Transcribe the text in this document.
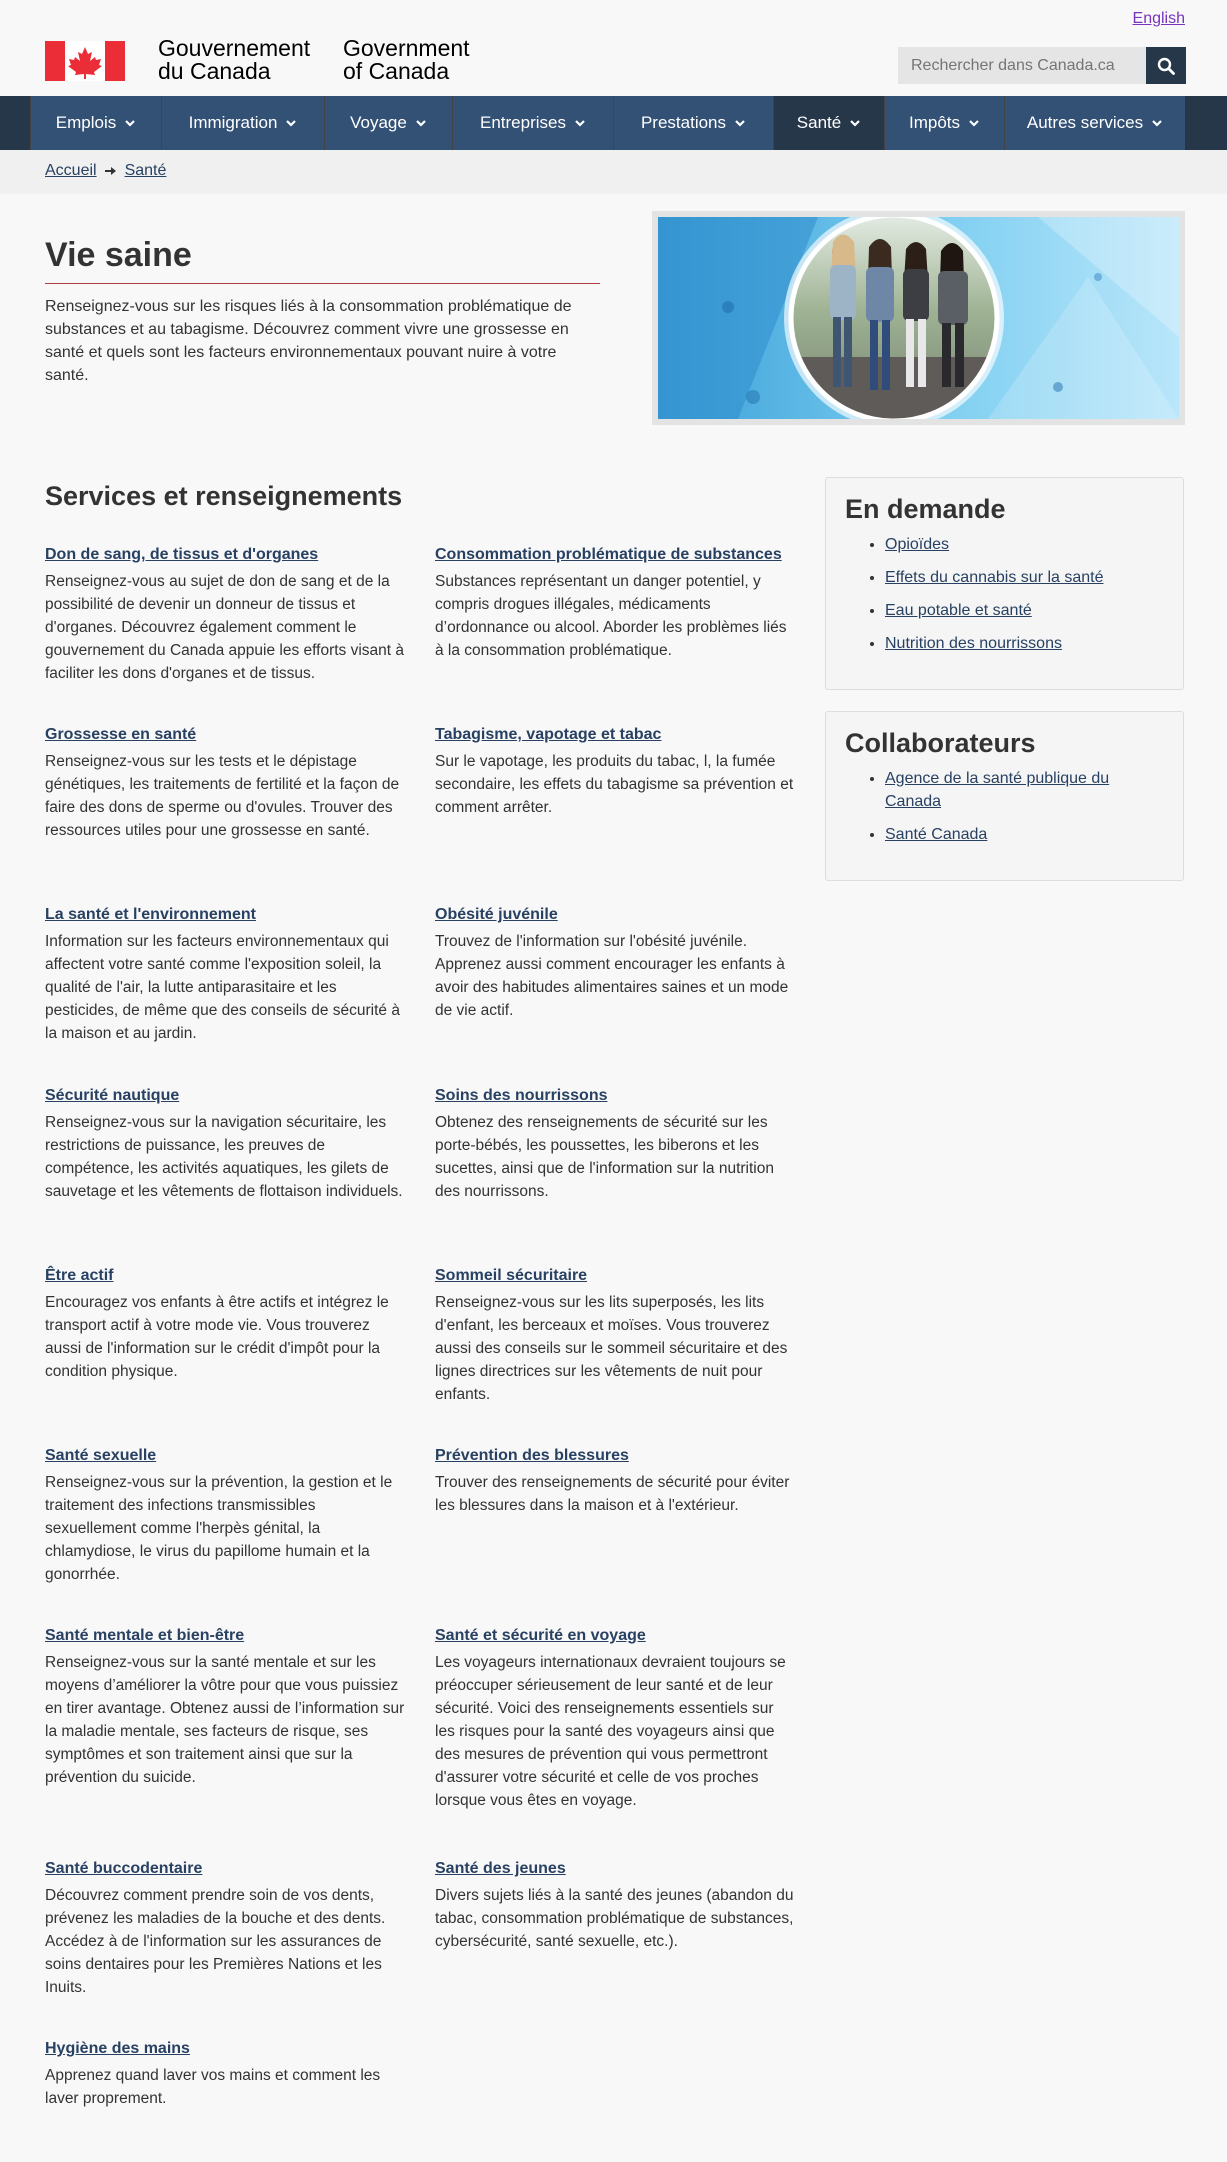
English
Gouvernement
du Canada
Government
of Canada
Rechercher dans Canada.ca
Emplois	Immigration	Voyage	Entreprises	Prestations	Santé	Impôts	Autres services
Accueil Santé
Vie saine

Renseignez-vous sur les risques liés à la consommation problématique de substances et au tabagisme. Découvrez comment vivre une grossesse en santé et quels sont les facteurs environnementaux pouvant nuire à votre santé.

Services et renseignements
Don de sang, de tissus et d'organes

Renseignez-vous au sujet de don de sang et de la possibilité de devenir un donneur de tissus et d'organes. Découvrez également comment le gouvernement du Canada appuie les efforts visant à faciliter les dons d'organes et de tissus.

Consommation problématique de substances

Substances représentant un danger potentiel, y compris drogues illégales, médicaments d’ordonnance ou alcool. Aborder les problèmes liés à la consommation problématique.

Grossesse en santé

Renseignez-vous sur les tests et le dépistage génétiques, les traitements de fertilité et la façon de faire des dons de sperme ou d'ovules. Trouver des ressources utiles pour une grossesse en santé.

Tabagisme, vapotage et tabac

Sur le vapotage, les produits du tabac, l, la fumée secondaire, les effets du tabagisme sa prévention et comment arrêter.

La santé et l'environnement

Information sur les facteurs environnementaux qui affectent votre santé comme l'exposition soleil, la qualité de l'air, la lutte antiparasitaire et les pesticides, de même que des conseils de sécurité à la maison et au jardin.

Obésité juvénile

Trouvez de l'information sur l'obésité juvénile. Apprenez aussi comment encourager les enfants à avoir des habitudes alimentaires saines et un mode de vie actif.

Sécurité nautique

Renseignez-vous sur la navigation sécuritaire, les restrictions de puissance, les preuves de compétence, les activités aquatiques, les gilets de sauvetage et les vêtements de flottaison individuels.

Soins des nourrissons

Obtenez des renseignements de sécurité sur les porte-bébés, les poussettes, les biberons et les sucettes, ainsi que de l'information sur la nutrition des nourrissons.

Être actif

Encouragez vos enfants à être actifs et intégrez le transport actif à votre mode vie. Vous trouverez aussi de l'information sur le crédit d'impôt pour la condition physique.

Sommeil sécuritaire

Renseignez-vous sur les lits superposés, les lits d'enfant, les berceaux et moïses. Vous trouverez aussi des conseils sur le sommeil sécuritaire et des lignes directrices sur les vêtements de nuit pour enfants.

Santé sexuelle

Renseignez-vous sur la prévention, la gestion et le traitement des infections transmissibles sexuellement comme l'herpès génital, la chlamydiose, le virus du papillome humain et la gonorrhée.

Prévention des blessures

Trouver des renseignements de sécurité pour éviter les blessures dans la maison et à l'extérieur.

Santé mentale et bien-être

Renseignez-vous sur la santé mentale et sur les moyens d’améliorer la vôtre pour que vous puissiez en tirer avantage. Obtenez aussi de l’information sur la maladie mentale, ses facteurs de risque, ses symptômes et son traitement ainsi que sur la prévention du suicide.

Santé et sécurité en voyage

Les voyageurs internationaux devraient toujours se préoccuper sérieusement de leur santé et de leur sécurité. Voici des renseignements essentiels sur les risques pour la santé des voyageurs ainsi que des mesures de prévention qui vous permettront d'assurer votre sécurité et celle de vos proches lorsque vous êtes en voyage.

Santé buccodentaire

Découvrez comment prendre soin de vos dents, prévenez les maladies de la bouche et des dents. Accédez à de l'information sur les assurances de soins dentaires pour les Premières Nations et les Inuits.

Santé des jeunes

Divers sujets liés à la santé des jeunes (abandon du tabac, consommation problématique de substances, cybersécurité, santé sexuelle, etc.).

Hygiène des mains

Apprenez quand laver vos mains et comment les laver proprement.

En demande
• Opioïdes
• Effets du cannabis sur la santé
• Eau potable et santé
• Nutrition des nourrissons
Collaborateurs
• Agence de la santé publique du Canada
• Santé Canada
